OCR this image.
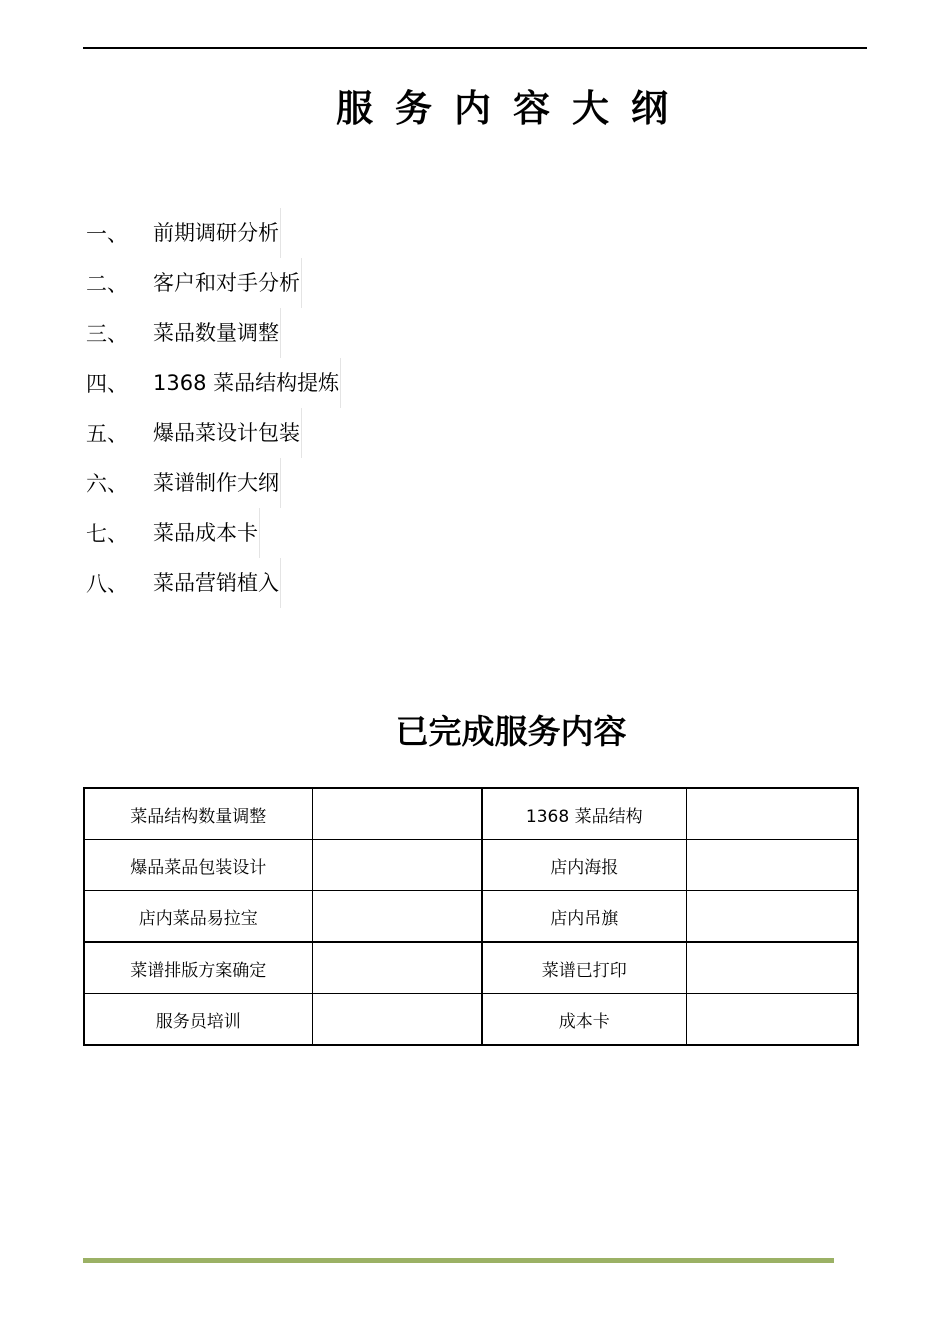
服务内容大纲
一、	前期调研分析
二、	客户和对手分析
三、	菜品数量调整
四、	1368 菜品结构提炼
五、	爆品菜设计包装
六、	菜谱制作大纲
七、	菜品成本卡
八、	菜品营销植入
已完成服务内容
菜品结构数量调整		1368 菜品结构	
爆品菜品包装设计		店内海报	
店内菜品易拉宝		店内吊旗	
菜谱排版方案确定		菜谱已打印	
服务员培训		成本卡	
